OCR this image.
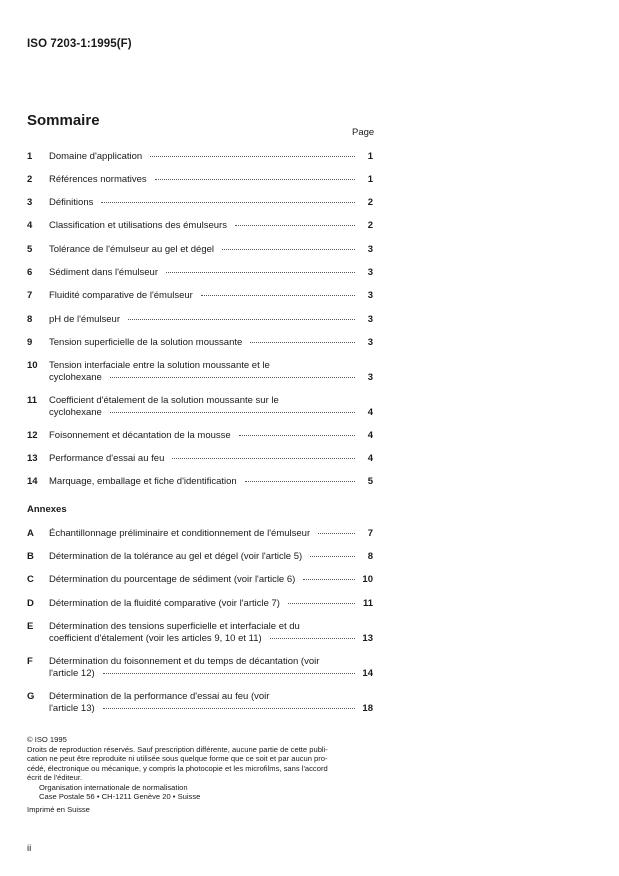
ISO 7203-1:1995(F)
Sommaire
Page
1	Domaine d'application	1
2	Références normatives	1
3	Définitions	2
4	Classification et utilisations des émulseurs	2
5	Tolérance de l'émulseur au gel et dégel	3
6	Sédiment dans l'émulseur	3
7	Fluidité comparative de l'émulseur	3
8	pH de l'émulseur	3
9	Tension superficielle de la solution moussante	3
10	Tension interfaciale entre la solution moussante et le
cyclohexane	3
11	Coefficient d'étalement de la solution moussante sur le
cyclohexane	4
12	Foisonnement et décantation de la mousse	4
13	Performance d'essai au feu	4
14	Marquage, emballage et fiche d'identification	5
Annexes
A	Échantillonnage préliminaire et conditionnement de l'émulseur	7
B	Détermination de la tolérance au gel et dégel (voir l'article 5)	8
C	Détermination du pourcentage de sédiment (voir l'article 6)	10
D	Détermination de la fluidité comparative (voir l'article 7)	11
E	Détermination des tensions superficielle et interfaciale et du
coefficient d'étalement (voir les articles 9, 10 et 11)	13
F	Détermination du foisonnement et du temps de décantation (voir
l'article 12)	14
G	Détermination de la performance d'essai au feu (voir
l'article 13)	18
© ISO 1995
Droits de reproduction réservés. Sauf prescription différente, aucune partie de cette publi-
cation ne peut être reproduite ni utilisée sous quelque forme que ce soit et par aucun pro-
cédé, électronique ou mécanique, y compris la photocopie et les microfilms, sans l'accord
écrit de l'éditeur.
Organisation internationale de normalisation
Case Postale 56 • CH-1211 Genève 20 • Suisse
Imprimé en Suisse
ii
